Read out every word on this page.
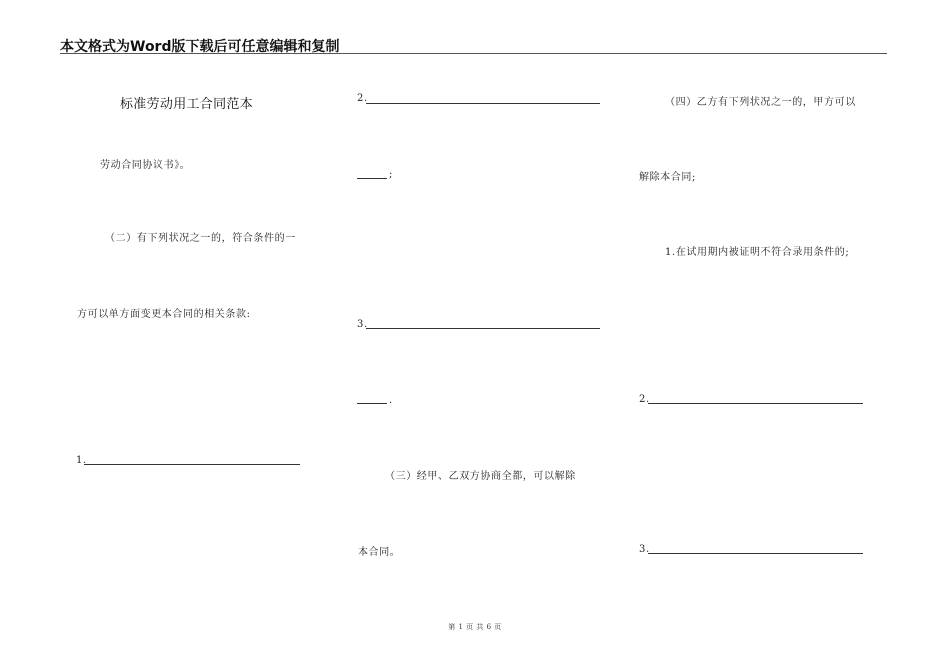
本文格式为Word版下载后可任意编辑和复制
标准劳动用工合同范本
劳动合同协议书》。
（二）有下列状况之一的，符合条件的一
方可以单方面变更本合同的相关条款:
1.
2.
;
3.
.
（三）经甲、乙双方协商全都，可以解除
本合同。
（四）乙方有下列状况之一的，甲方可以
解除本合同;
1.在试用期内被证明不符合录用条件的;
2.
3.
第 1 页 共 6 页
